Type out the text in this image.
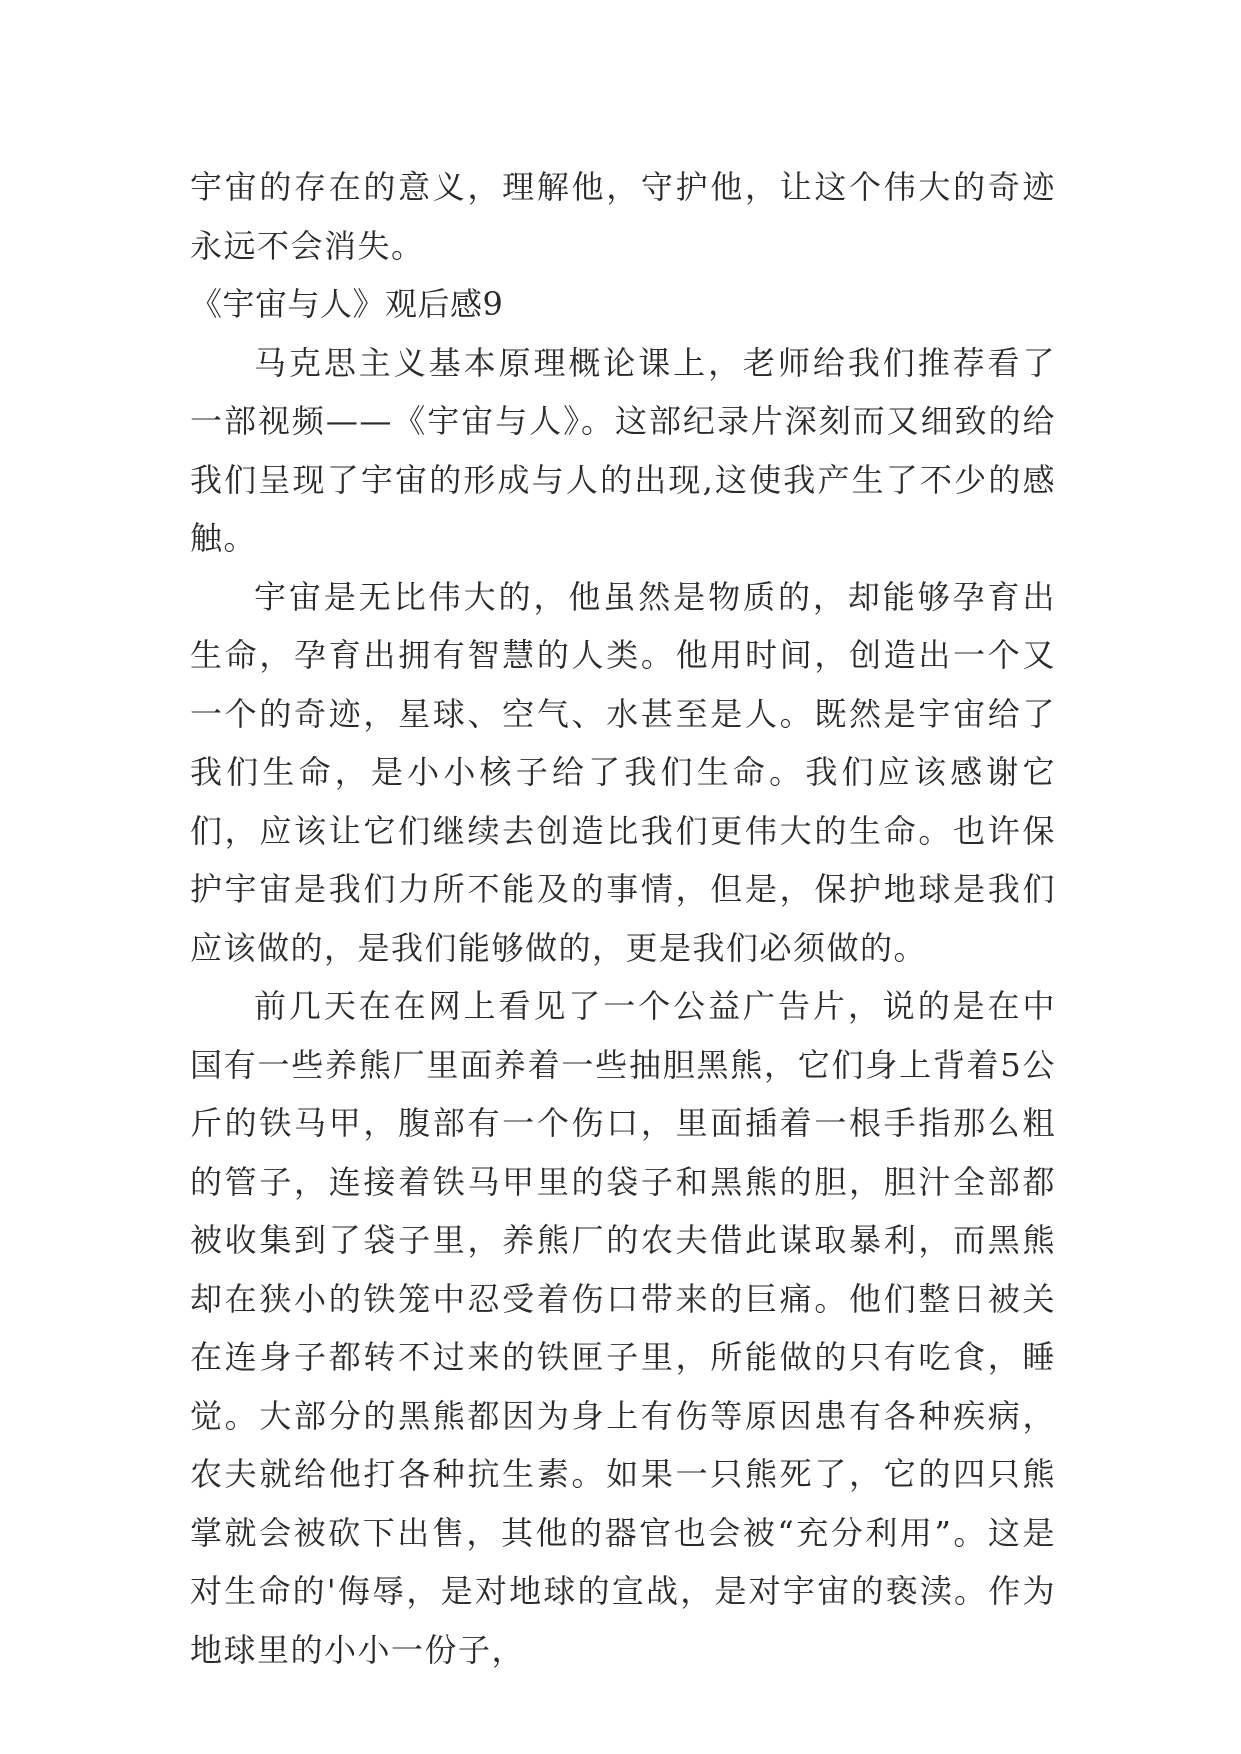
宇宙的存在的意义，理解他，守护他，让这个伟大的奇迹永远不会消失。

《宇宙与人》观后感9

马克思主义基本原理概论课上，老师给我们推荐看了一部视频——《宇宙与人》。这部纪录片深刻而又细致的给我们呈现了宇宙的形成与人的出现,这使我产生了不少的感触。

宇宙是无比伟大的，他虽然是物质的，却能够孕育出生命，孕育出拥有智慧的人类。他用时间，创造出一个又一个的奇迹，星球、空气、水甚至是人。既然是宇宙给了我们生命，是小小核子给了我们生命。我们应该感谢它们，应该让它们继续去创造比我们更伟大的生命。也许保护宇宙是我们力所不能及的事情，但是，保护地球是我们应该做的，是我们能够做的，更是我们必须做的。

前几天在在网上看见了一个公益广告片，说的是在中国有一些养熊厂里面养着一些抽胆黑熊，它们身上背着5公斤的铁马甲，腹部有一个伤口，里面插着一根手指那么粗的管子，连接着铁马甲里的袋子和黑熊的胆，胆汁全部都被收集到了袋子里，养熊厂的农夫借此谋取暴利，而黑熊却在狭小的铁笼中忍受着伤口带来的巨痛。他们整日被关在连身子都转不过来的铁匣子里，所能做的只有吃食，睡觉。大部分的黑熊都因为身上有伤等原因患有各种疾病，农夫就给他打各种抗生素。如果一只熊死了，它的四只熊掌就会被砍下出售，其他的器官也会被“充分利用”。这是对生命的'侮辱，是对地球的宣战，是对宇宙的亵渎。作为地球里的小小一份子，
